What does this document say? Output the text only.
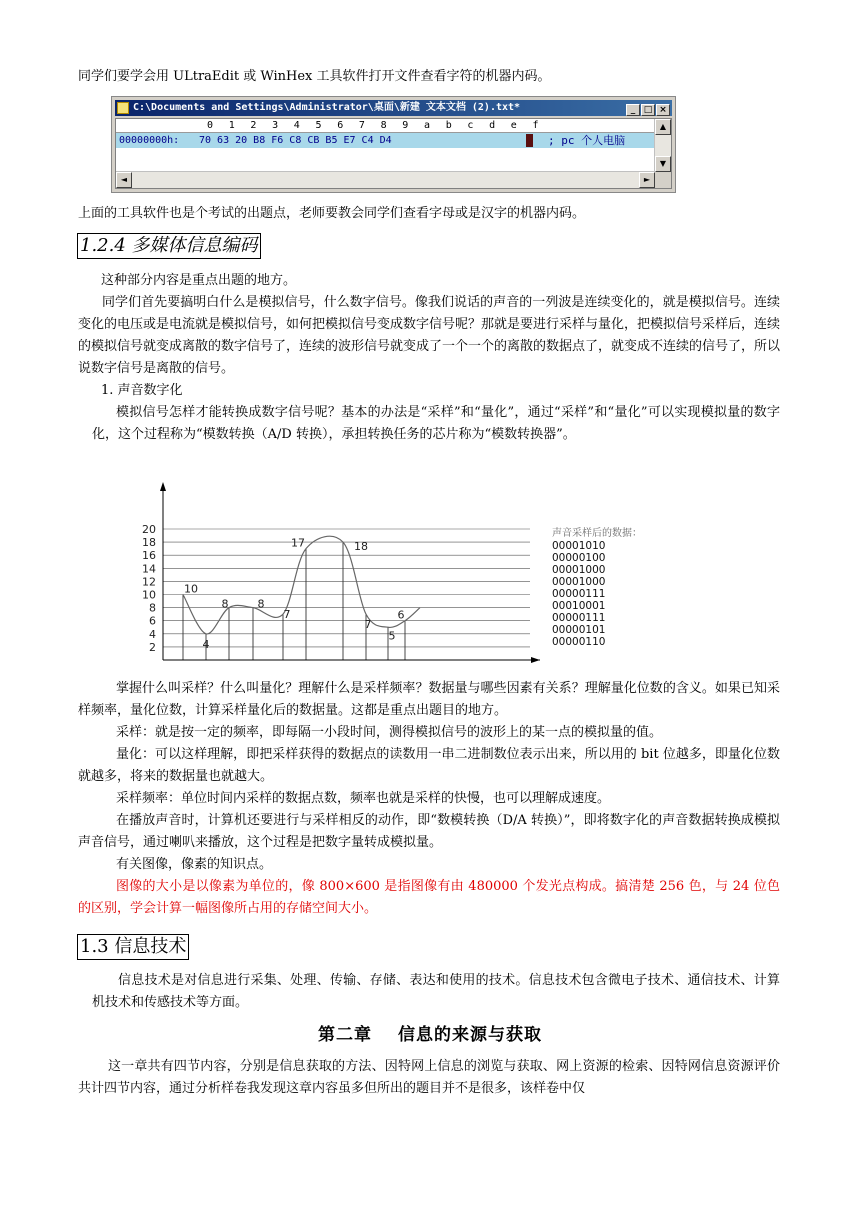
同学们要学会用 ULtraEdit 或 WinHex 工具软件打开文件查看字符的机器内码。
C:\Documents and Settings\Administrator\桌面\新建 文本文档 (2).txt*	_ □ ×
0 1 2 3 4 5 6 7 8 9 a b c d e f
00000000h: 70 63 20 B8 F6 C8 CB B5 E7 C4 D4	; pc 个人电脑
▲
▼
◄	►
上面的工具软件也是个考试的出题点，老师要教会同学们查看字母或是汉字的机器内码。
1.2.4 多媒体信息编码
这种部分内容是重点出题的地方。
同学们首先要搞明白什么是模拟信号，什么数字信号。像我们说话的声音的一列波是连续变化的，就是模拟信号。连续变化的电压或是电流就是模拟信号，如何把模拟信号变成数字信号呢？那就是要进行采样与量化，把模拟信号采样后，连续的模拟信号就变成离散的数字信号了，连续的波形信号就变成了一个一个的离散的数据点了，就变成不连续的信号了，所以说数字信号是离散的信号。
1. 声音数字化
模拟信号怎样才能转换成数字信号呢？基本的办法是“采样”和“量化”，通过“采样”和“量化”可以实现模拟量的数字化，这个过程称为“模数转换（A/D 转换），承担转换任务的芯片称为“模数转换器”。
2
4
6
8
10
12
14
16
18
20
10
4
8	8
7
17	18
7
5
6
声音采样后的数据：
00001010
00000100
00001000
00001000
00000111
00010001
00000111
00000101
00000110
掌握什么叫采样？什么叫量化？理解什么是采样频率？数据量与哪些因素有关系？理解量化位数的含义。如果已知采样频率，量化位数，计算采样量化后的数据量。这都是重点出题目的地方。
采样：就是按一定的频率，即每隔一小段时间，测得模拟信号的波形上的某一点的模拟量的值。
量化：可以这样理解，即把采样获得的数据点的读数用一串二进制数位表示出来，所以用的 bit 位越多，即量化位数就越多，将来的数据量也就越大。
采样频率：单位时间内采样的数据点数，频率也就是采样的快慢，也可以理解成速度。
在播放声音时，计算机还要进行与采样相反的动作，即“数模转换（D/A 转换）”，即将数字化的声音数据转换成模拟声音信号，通过喇叭来播放，这个过程是把数字量转成模拟量。
有关图像，像素的知识点。
图像的大小是以像素为单位的，像 800×600 是指图像有由 480000 个发光点构成。搞清楚 256 色，与 24 位色的区别，学会计算一幅图像所占用的存储空间大小。
1.3 信息技术
信息技术是对信息进行采集、处理、传输、存储、表达和使用的技术。信息技术包含微电子技术、通信技术、计算机技术和传感技术等方面。
第二章 信息的来源与获取
这一章共有四节内容，分别是信息获取的方法、因特网上信息的浏览与获取、网上资源的检索、因特网信息资源评价共计四节内容，通过分析样卷我发现这章内容虽多但所出的题目并不是很多，该样卷中仅
